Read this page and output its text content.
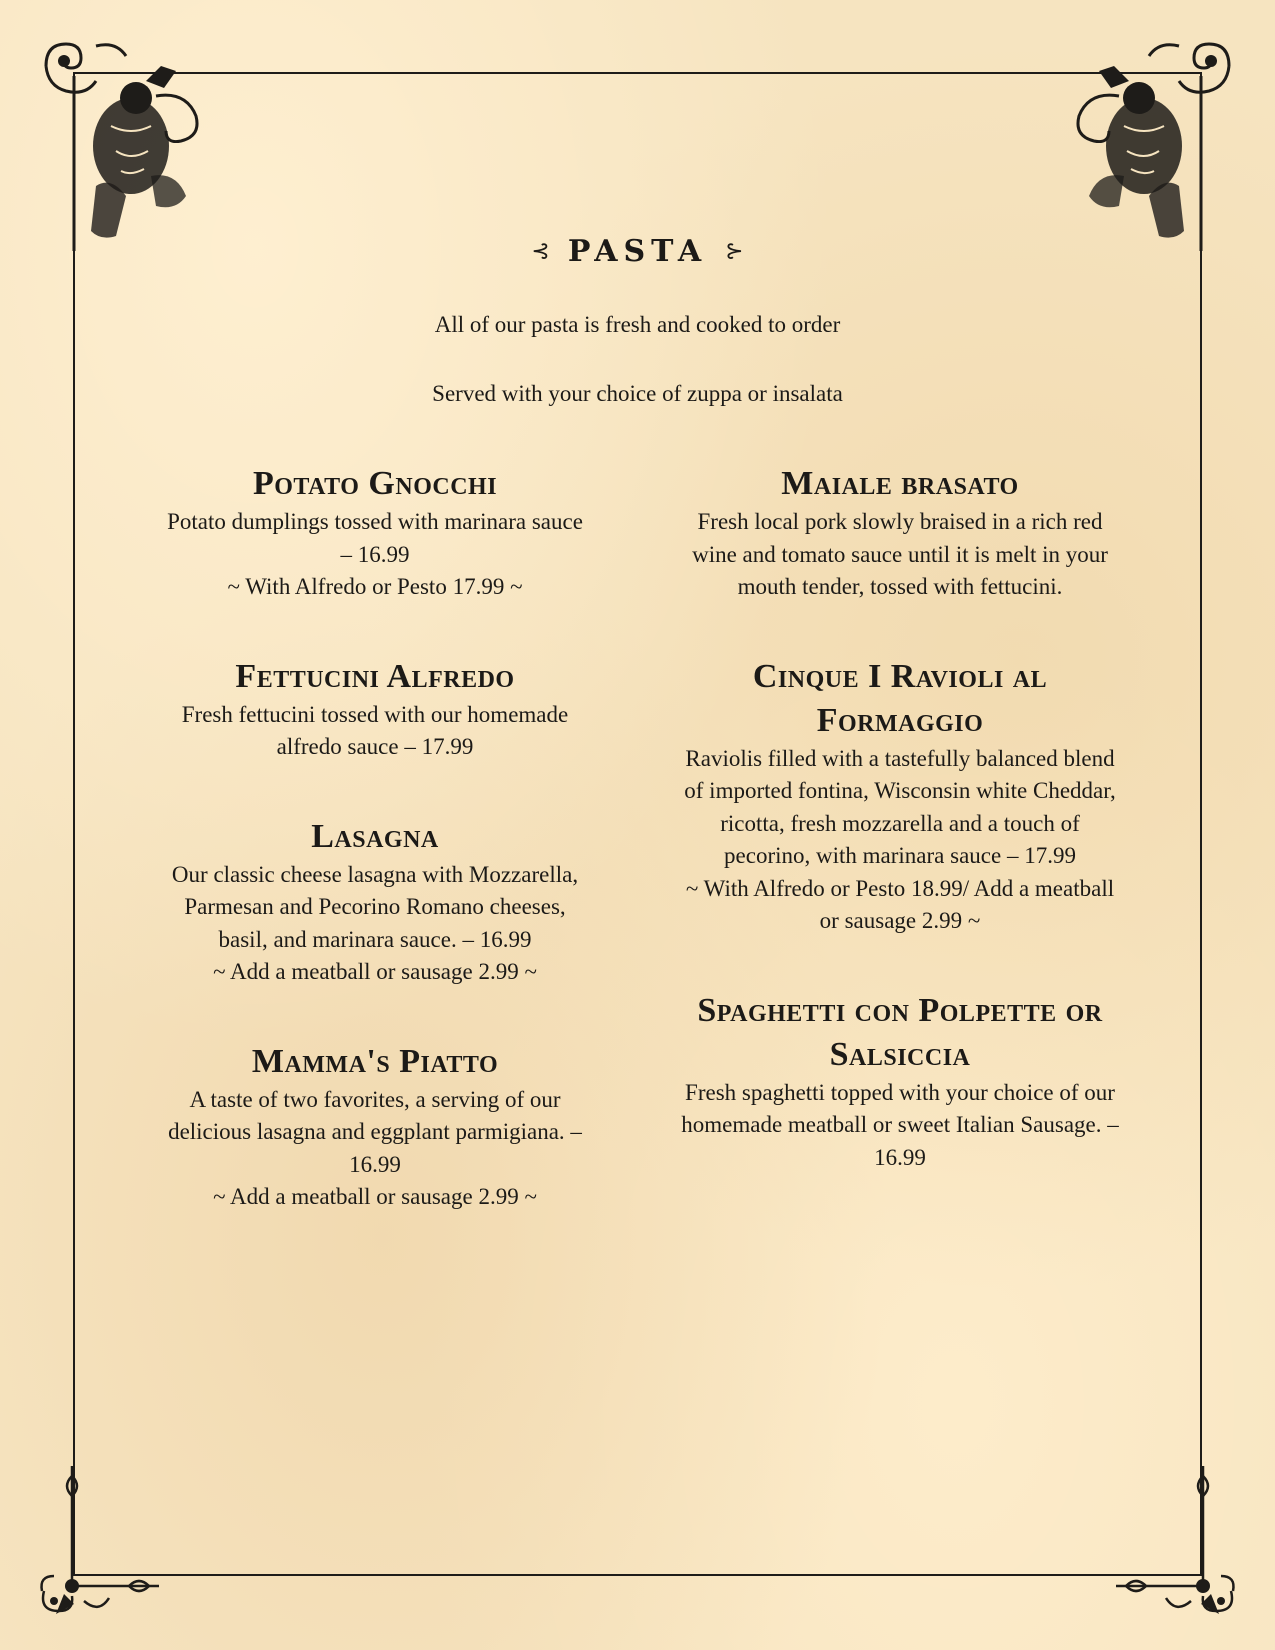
⊰ PASTA ⊱
All of our pasta is fresh and cooked to order
Served with your choice of zuppa or insalata

Potato Gnocchi

Potato dumplings tossed with marinara sauce – 16.99

~ With Alfredo or Pesto 17.99 ~

Fettucini Alfredo

Fresh fettucini tossed with our homemade alfredo sauce – 17.99

Lasagna

Our classic cheese lasagna with Mozzarella, Parmesan and Pecorino Romano cheeses, basil, and marinara sauce. – 16.99

~ Add a meatball or sausage 2.99 ~

Mamma's Piatto

A taste of two favorites, a serving of our delicious lasagna and eggplant parmigiana. – 16.99

~ Add a meatball or sausage 2.99 ~

Maiale brasato

Fresh local pork slowly braised in a rich red wine and tomato sauce until it is melt in your mouth tender, tossed with fettucini.

Cinque I Ravioli al Formaggio

Raviolis filled with a tastefully balanced blend of imported fontina, Wisconsin white Cheddar, ricotta, fresh mozzarella and a touch of pecorino, with marinara sauce – 17.99

~ With Alfredo or Pesto 18.99/ Add a meatball or sausage 2.99 ~

Spaghetti con Polpette or Salsiccia

Fresh spaghetti topped with your choice of our homemade meatball or sweet Italian Sausage. – 16.99
